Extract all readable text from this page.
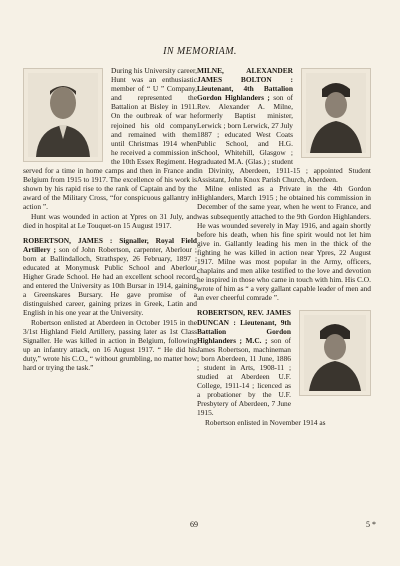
IN MEMORIAM.

During his University career, Hunt was an enthusiastic member of “ U ” Company, and represented the Battalion at Bisley in 1911. On the outbreak of war he rejoined his old company and remained with them until Christmas 1914 when he received a commission in the 10th Essex Regiment. He served for a time in home camps and then in France and Belgium from 1915 to 1917. The excellence of his work is shown by his rapid rise to the rank of Captain and by the award of the Military Cross, “for conspicuous gallantry in action ”.

Hunt was wounded in action at Ypres on 31 July, and died in hospital at Le Touquet-on 15 August 1917.

ROBERTSON, JAMES : Signaller, Royal Field Artillery ; son of John Robertson, carpenter, Aberlour ; born at Ballindalloch, Strathspey, 26 February, 1897 ; educated at Monymusk Public School and Aberlour Higher Grade School. He had an excellent school record, and entered the University as 10th Bursar in 1914, gaining a Greenskares Bursary. He gave promise of a distinguished career, gaining prizes in Greek, Latin and English in his one year at the University.

Robertson enlisted at Aberdeen in October 1915 in the 3/1st Highland Field Artillery, passing later as 1st Class Signaller. He was killed in action in Belgium, following up an infantry attack, on 16 August 1917. “ He did his duty,” wrote his C.O., “ without grumbling, no matter how hard or trying the task.”

MILNE, ALEXANDER JAMES BOLTON : Lieutenant, 4th Battalion Gordon Highlanders ; son of Rev. Alexander A. Milne, formerly Baptist minister, Lerwick ; born Lerwick, 27 July 1887 ; educated West Coats Public School, and H.G. School, Whitehill, Glasgow ; graduated M.A. (Glas.) ; student in Divinity, Aberdeen, 1911-15 ; appointed Student Assistant, John Knox Parish Church, Aberdeen.

Milne enlisted as a Private in the 4th Gordon Highlanders, March 1915 ; he obtained his commission in December of the same year, when he went to France, and was subsequently attached to the 9th Gordon Highlanders. He was wounded severely in May 1916, and again shortly before his death, when his fine spirit would not let him give in. Gallantly leading his men in the thick of the fighting he was killed in action near Ypres, 22 August 1917. Milne was most popular in the Army, officers, chaplains and men alike testified to the love and devotion he inspired in those who came in touch with him. His C.O. wrote of him as “ a very gallant capable leader of men and an ever cheerful comrade ”.

ROBERTSON, REV. JAMES DUNCAN : Lieutenant, 9th Battalion Gordon Highlanders ; M.C. ; son of James Robertson, machineman ; born Aberdeen, 11 June, 1886 ; student in Arts, 1908-11 ; studied at Aberdeen U.F. College, 1911-14 ; licenced as a probationer by the U.F. Presbytery of Aberdeen, 7 June 1915.

Robertson enlisted in November 1914 as

69	5 *
